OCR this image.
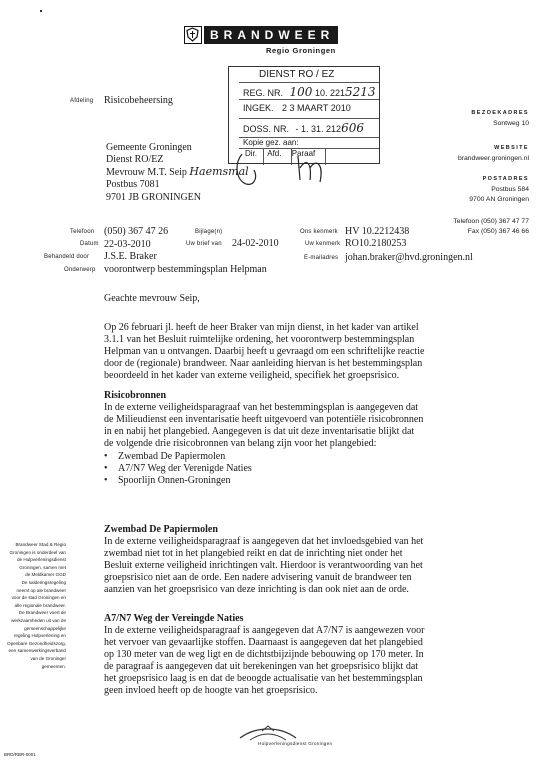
BRANDWEER
Regio Groningen
DIENST RO / EZ
REG. NR. 100 10. 2215213
INGEK. 2 3 MAART 2010
DOSS. NR. - 1. 31. 212606
Kopie gez. aan:
Dir. Afd. Paraaf
Afdeling Risicobeheersing
Gemeente Groningen
Dienst RO/EZ
Mevrouw M.T. Seip Haemsmal
Postbus 7081
9701 JB GRONINGEN
BEZOEKADRES
Sontweg 10
WEBSITE
brandweer.groningen.nl
POSTADRES
Postbus 584
9700 AN Groningen
Telefoon (050) 367 47 77
Fax (050) 367 46 66
Telefoon (050) 367 47 26
Datum 22-03-2010
Behandeld door J.S.E. Braker
Onderwerp voorontwerp bestemmingsplan Helpman
Bijlage(n)
Uw brief van 24-02-2010
Ons kenmerk HV 10.2212438
Uw kenmerk RO10.2180253
E-mailadres johan.braker@hvd.groningen.nl
Geachte mevrouw Seip,
Op 26 februari jl. heeft de heer Braker van mijn dienst, in het kader van artikel
3.1.1 van het Besluit ruimtelijke ordening, het voorontwerp bestemmingsplan
Helpman van u ontvangen. Daarbij heeft u gevraagd om een schriftelijke reactie
door de (regionale) brandweer. Naar aanleiding hiervan is het bestemmingsplan
beoordeeld in het kader van externe veiligheid, specifiek het groepsrisico.
Risicobronnen
In de externe veiligheidsparagraaf van het bestemmingsplan is aangegeven dat
de Milieudienst een inventarisatie heeft uitgevoerd van potentiële risicobronnen
in en nabij het plangebied. Aangegeven is dat uit deze inventarisatie blijkt dat
de volgende drie risicobronnen van belang zijn voor het plangebied:
• Zwembad De Papiermolen
• A7/N7 Weg der Verenigde Naties
• Spoorlijn Onnen-Groningen
Zwembad De Papiermolen
In de externe veiligheidsparagraaf is aangegeven dat het invloedsgebied van het
zwembad niet tot in het plangebied reikt en dat de inrichting niet onder het
Besluit externe veiligheid inrichtingen valt. Hierdoor is verantwoording van het
groepsrisico niet aan de orde. Een nadere advisering vanuit de brandweer ten
aanzien van het groepsrisico van deze inrichting is dan ook niet aan de orde.
A7/N7 Weg der Vereingde Naties
In de externe veiligheidsparagraaf is aangegeven dat A7/N7 is aangewezen voor
het vervoer van gevaarlijke stoffen. Daarnaast is aangegeven dat het plangebied
op 130 meter van de weg ligt en de dichtstbijzijnde bebouwing op 170 meter. In
de paragraaf is aangegeven dat uit berekeningen van het groepsrisico blijkt dat
het groepsrisico laag is en dat de beoogde actualisatie van het bestemmingsplan
geen invloed heeft op de hoogte van het groepsrisico.
Brandweer Stad & Regio
Groningen is onderdeel van
de Hulpverleningsdienst
Groningen, samen met
de Meldkamer GGD
De salderingsregeling
neemt op ale brandweer
voor de stad Groningen en
alle regionale brandweer.
De Brandweer voert de
werkzaamheden uit van de
gemeenschappelijke
regeling Hulpverlening en
Openbare Gezondheidszorg,
een samenwerkingsverband
van de Groninger
gemeenten.
Hulpverleningsdienst Groningen
BRD/RBR-0001
